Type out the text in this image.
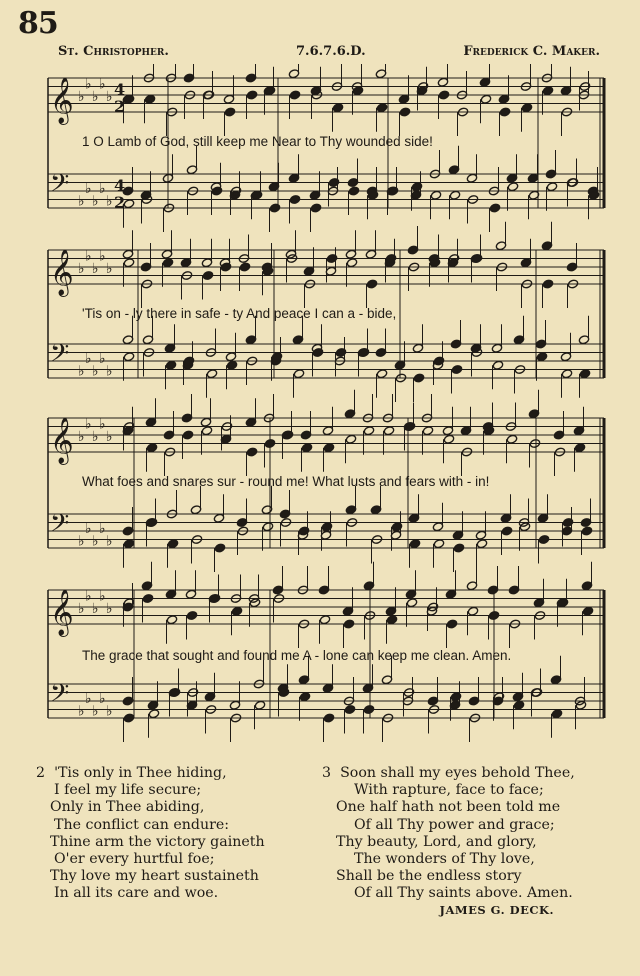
85
St. Christopher.	7.6.7.6.D.	Frederick C. Maker.
𝄞 ♭
♭
♭
♭
♭
𝄢 ♭
♭
♭
♭
♭
𝄞 ♭
♭
♭
♭
♭
𝄢 ♭
♭
♭
♭
♭
𝄞 ♭
♭
♭
♭
♭
𝄢 ♭
♭
♭
♭
♭
𝄞 ♭
♭
♭
♭
♭
𝄢 ♭
♭
♭
♭
♭
4
2
4
2
1 O Lamb of God, still keep me Near to Thy wounded side!
'Tis on - ly there in safe - ty And peace I can a - bide,
What foes and snares sur - round me! What lusts and fears with - in!
The grace that sought and found me A - lone can keep me clean. Amen.
2 'Tis only in Thee hiding,
I feel my life secure;
Only in Thee abiding,
The conflict can endure:
Thine arm the victory gaineth
O'er every hurtful foe;
Thy love my heart sustaineth
In all its care and woe.
3 Soon shall my eyes behold Thee,
With rapture, face to face;
One half hath not been told me
Of all Thy power and grace;
Thy beauty, Lord, and glory,
The wonders of Thy love,
Shall be the endless story
Of all Thy saints above. Amen.
JAMES G. DECK.
